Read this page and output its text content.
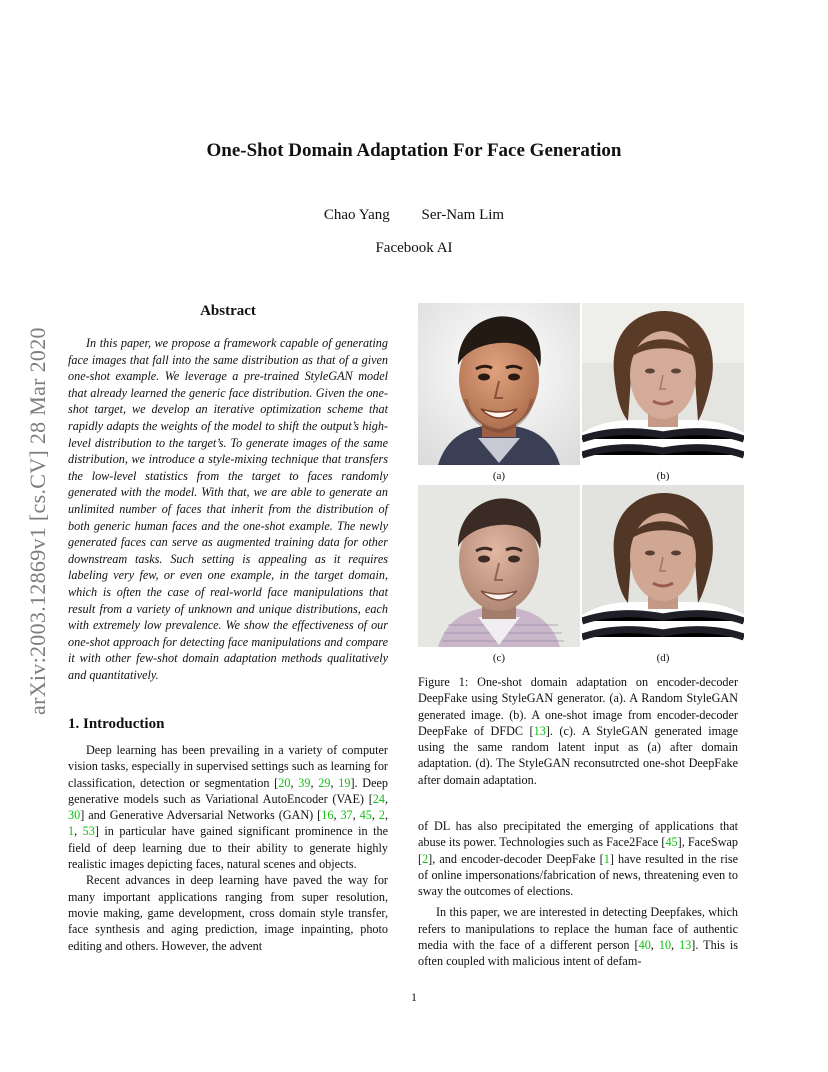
One-Shot Domain Adaptation For Face Generation
Chao Yang Ser-Nam Lim
Facebook AI
arXiv:2003.12869v1 [cs.CV] 28 Mar 2020
Abstract

In this paper, we propose a framework capable of generating face images that fall into the same distribution as that of a given one-shot example. We leverage a pre-trained StyleGAN model that already learned the generic face distribution. Given the one-shot target, we develop an iterative optimization scheme that rapidly adapts the weights of the model to shift the output’s high-level distribution to the target’s. To generate images of the same distribution, we introduce a style-mixing technique that transfers the low-level statistics from the target to faces randomly generated with the model. With that, we are able to generate an unlimited number of faces that inherit from the distribution of both generic human faces and the one-shot example. The newly generated faces can serve as augmented training data for other downstream tasks. Such setting is appealing as it requires labeling very few, or even one example, in the target domain, which is often the case of real-world face manipulations that result from a variety of unknown and unique distributions, each with extremely low prevalence. We show the effectiveness of our one-shot approach for detecting face manipulations and compare it with other few-shot domain adaptation methods qualitatively and quantitatively.

1. Introduction

Deep learning has been prevailing in a variety of computer vision tasks, especially in supervised settings such as learning for classification, detection or segmentation [20, 39, 29, 19]. Deep generative models such as Variational AutoEncoder (VAE) [24, 30] and Generative Adversarial Networks (GAN) [16, 37, 45, 2, 1, 53] in particular have gained significant prominence in the field of deep learning due to their ability to generate highly realistic images depicting faces, natural scenes and objects.

Recent advances in deep learning have paved the way for many important applications ranging from super resolution, movie making, game development, cross domain style transfer, face synthesis and aging prediction, image inpainting, photo editing and others. However, the advent

(a)	(b)
(c)	(d)
Figure 1: One-shot domain adaptation on encoder-decoder DeepFake using StyleGAN generator. (a). A Random StyleGAN generated image. (b). A one-shot image from encoder-decoder DeepFake of DFDC [13]. (c). A StyleGAN generated image using the same random latent input as (a) after domain adaptation. (d). The StyleGAN reconsutrcted one-shot DeepFake after domain adaptation.

of DL has also precipitated the emerging of applications that abuse its power. Technologies such as Face2Face [45], FaceSwap [2], and encoder-decoder DeepFake [1] have resulted in the rise of online impersonations/fabrication of news, threatening even to sway the outcomes of elections.

In this paper, we are interested in detecting Deepfakes, which refers to manipulations to replace the human face of authentic media with the face of a different person [40, 10, 13]. This is often coupled with malicious intent of defam-

1
